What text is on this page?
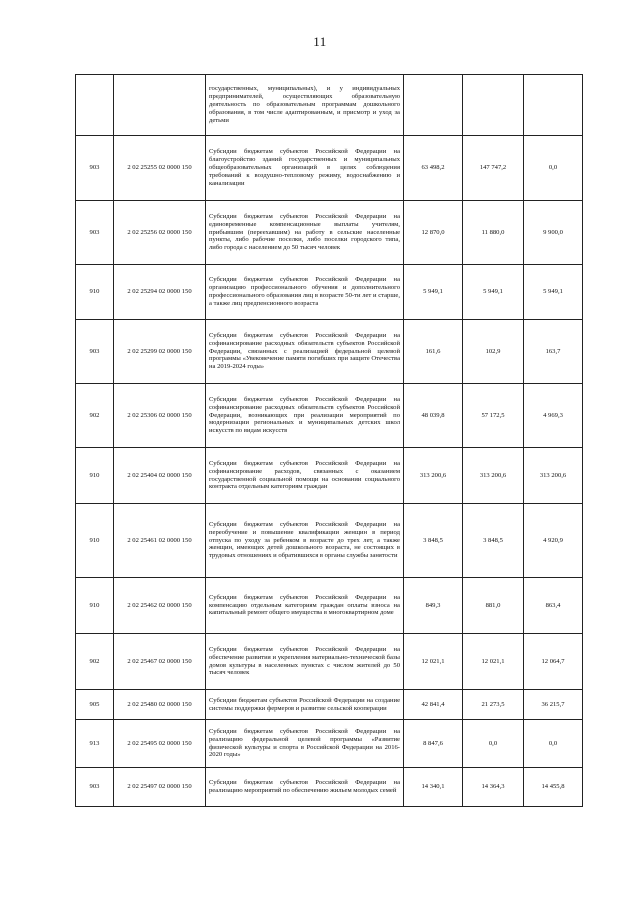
11
		государственных, муниципальных), и у индивидуальных предпринимателей, осуществляющих образовательную деятельность по образовательным программам дошкольного образования, в том числе адаптированным, и присмотр и уход за детьми			
903	2 02 25255 02 0000 150	Субсидии бюджетам субъектов Российской Федерации на благоустройство зданий государственных и муниципальных общеобразовательных организаций в целях соблюдения требований к воздушно-тепловому режиму, водоснабжению и канализации	63 498,2	147 747,2	0,0
903	2 02 25256 02 0000 150	Субсидии бюджетам субъектов Российской Федерации на единовременные компенсационные выплаты учителям, прибывшим (переехавшим) на работу в сельские населенные пункты, либо рабочие поселки, либо поселки городского типа, либо города с населением до 50 тысяч человек	12 870,0	11 880,0	9 900,0
910	2 02 25294 02 0000 150	Субсидии бюджетам субъектов Российской Федерации на организацию профессионального обучения и дополнительного профессионального образования лиц в возрасте 50-ти лет и старше, а также лиц предпенсионного возраста	5 949,1	5 949,1	5 949,1
903	2 02 25299 02 0000 150	Субсидии бюджетам субъектов Российской Федерации на софинансирование расходных обязательств субъектов Российской Федерации, связанных с реализацией федеральной целевой программы «Увековечение памяти погибших при защите Отечества на 2019-2024 годы»	161,6	102,9	163,7
902	2 02 25306 02 0000 150	Субсидии бюджетам субъектов Российской Федерации на софинансирование расходных обязательств субъектов Российской Федерации, возникающих при реализации мероприятий по модернизации региональных и муниципальных детских школ искусств по видам искусств	48 039,8	57 172,5	4 969,3
910	2 02 25404 02 0000 150	Субсидии бюджетам субъектов Российской Федерации на софинансирование расходов, связанных с оказанием государственной социальной помощи на основании социального контракта отдельным категориям граждан	313 200,6	313 200,6	313 200,6
910	2 02 25461 02 0000 150	Субсидии бюджетам субъектов Российской Федерации на переобучение и повышение квалификации женщин в период отпуска по уходу за ребенком в возрасте до трех лет, а также женщин, имеющих детей дошкольного возраста, не состоящих в трудовых отношениях и обратившихся в органы службы занятости	3 848,5	3 848,5	4 920,9
910	2 02 25462 02 0000 150	Субсидии бюджетам субъектов Российской Федерации на компенсацию отдельным категориям граждан оплаты взноса на капитальный ремонт общего имущества в многоквартирном доме	849,3	881,0	863,4
902	2 02 25467 02 0000 150	Субсидии бюджетам субъектов Российской Федерации на обеспечение развития и укрепления материально-технической базы домов культуры в населенных пунктах с числом жителей до 50 тысяч человек	12 021,1	12 021,1	12 064,7
905	2 02 25480 02 0000 150	Субсидии бюджетам субъектов Российской Федерации на создание системы поддержки фермеров и развитие сельской кооперации	42 841,4	21 273,5	36 215,7
913	2 02 25495 02 0000 150	Субсидии бюджетам субъектов Российской Федерации на реализацию федеральной целевой программы «Развитие физической культуры и спорта в Российской Федерации на 2016-2020 годы»	8 847,6	0,0	0,0
903	2 02 25497 02 0000 150	Субсидии бюджетам субъектов Российской Федерации на реализацию мероприятий по обеспечению жильем молодых семей	14 340,1	14 364,3	14 455,8
